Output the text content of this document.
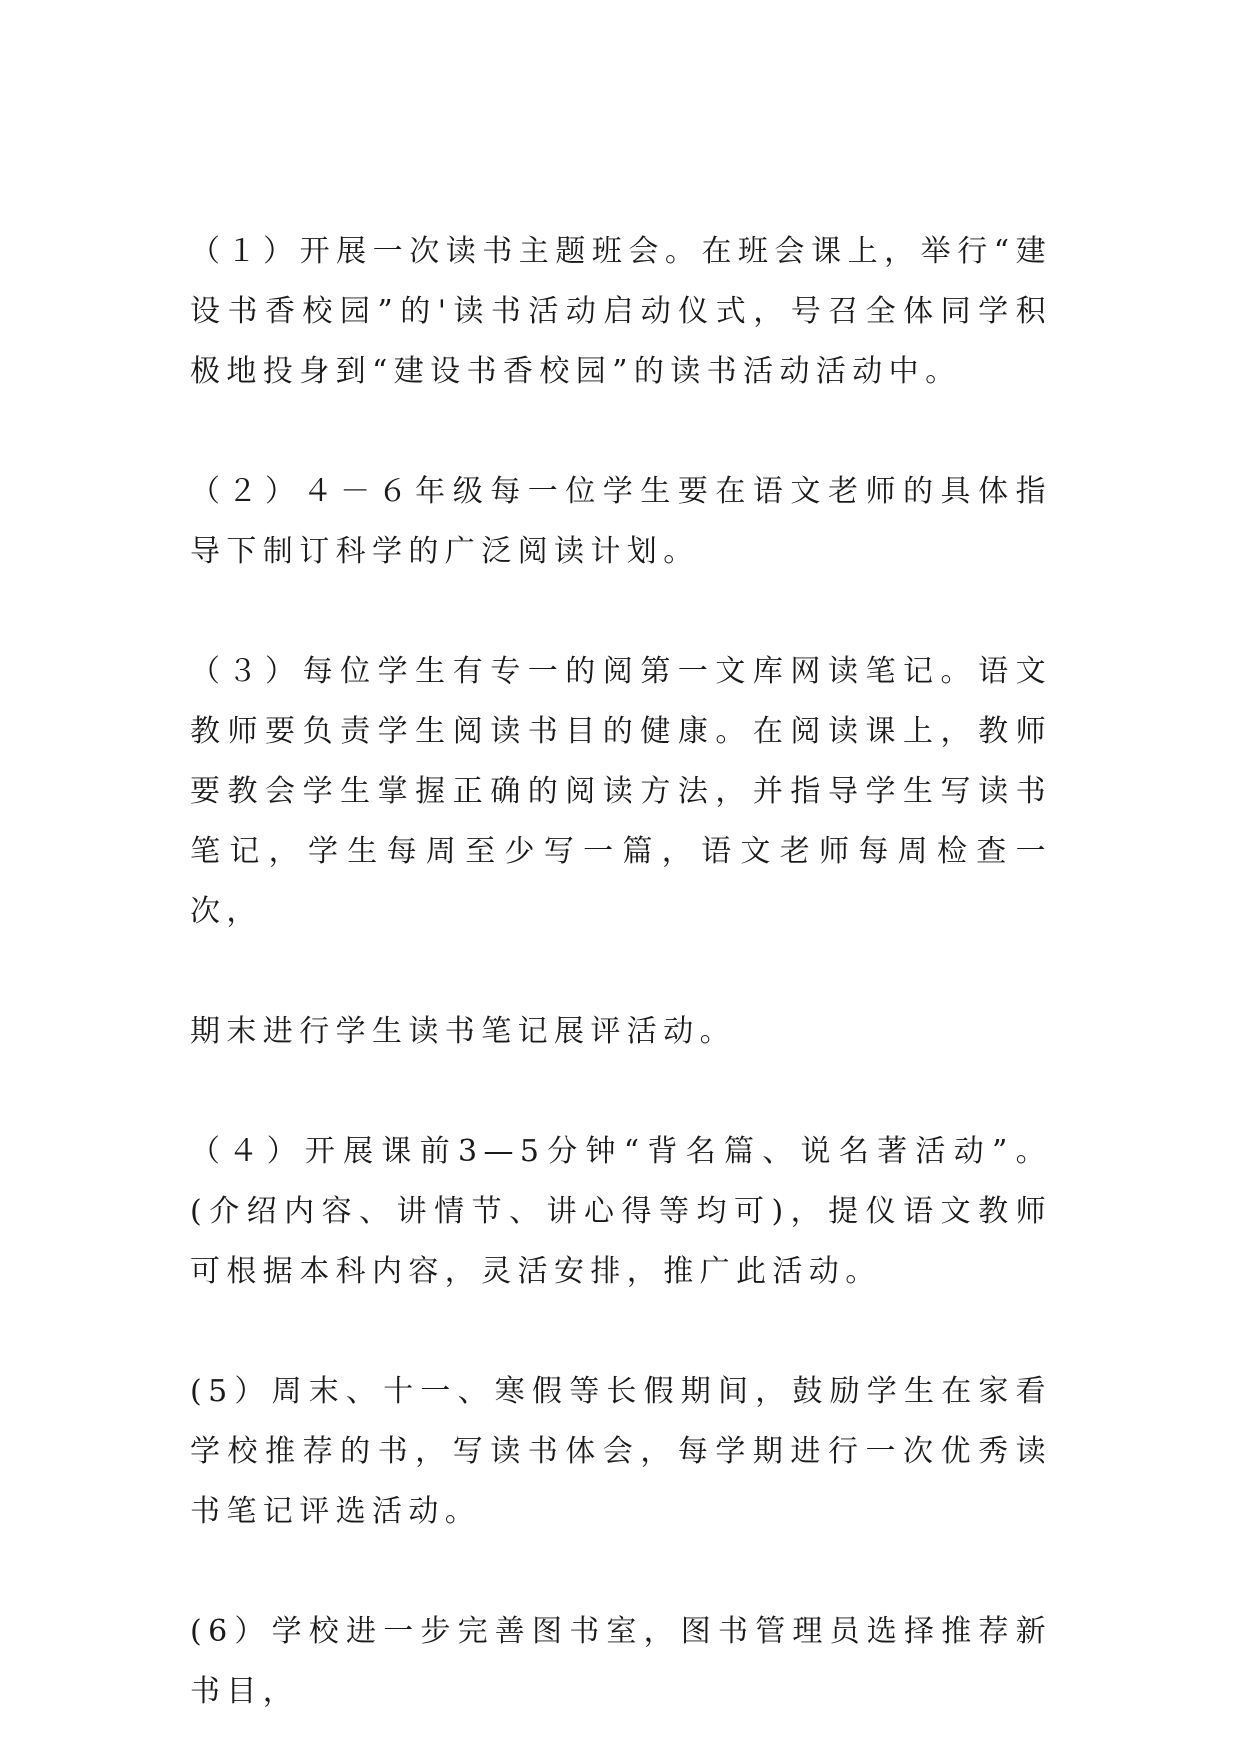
（１）开展一次读书主题班会。在班会课上，举行“建设书香校园”的'读书活动启动仪式，号召全体同学积极地投身到“建设书香校园”的读书活动活动中。

（２）４－６年级每一位学生要在语文老师的具体指导下制订科学的广泛阅读计划。

（３）每位学生有专一的阅第一文库网读笔记。语文教师要负责学生阅读书目的健康。在阅读课上，教师要教会学生掌握正确的阅读方法，并指导学生写读书笔记，学生每周至少写一篇，语文老师每周检查一次，

期末进行学生读书笔记展评活动。

（４）开展课前3—5分钟“背名篇、说名著活动”。(介绍内容、讲情节、讲心得等均可)，提仪语文教师可根据本科内容，灵活安排，推广此活动。

(5）周末、十一、寒假等长假期间，鼓励学生在家看学校推荐的书，写读书体会，每学期进行一次优秀读书笔记评选活动。

(6）学校进一步完善图书室，图书管理员选择推荐新书目，
